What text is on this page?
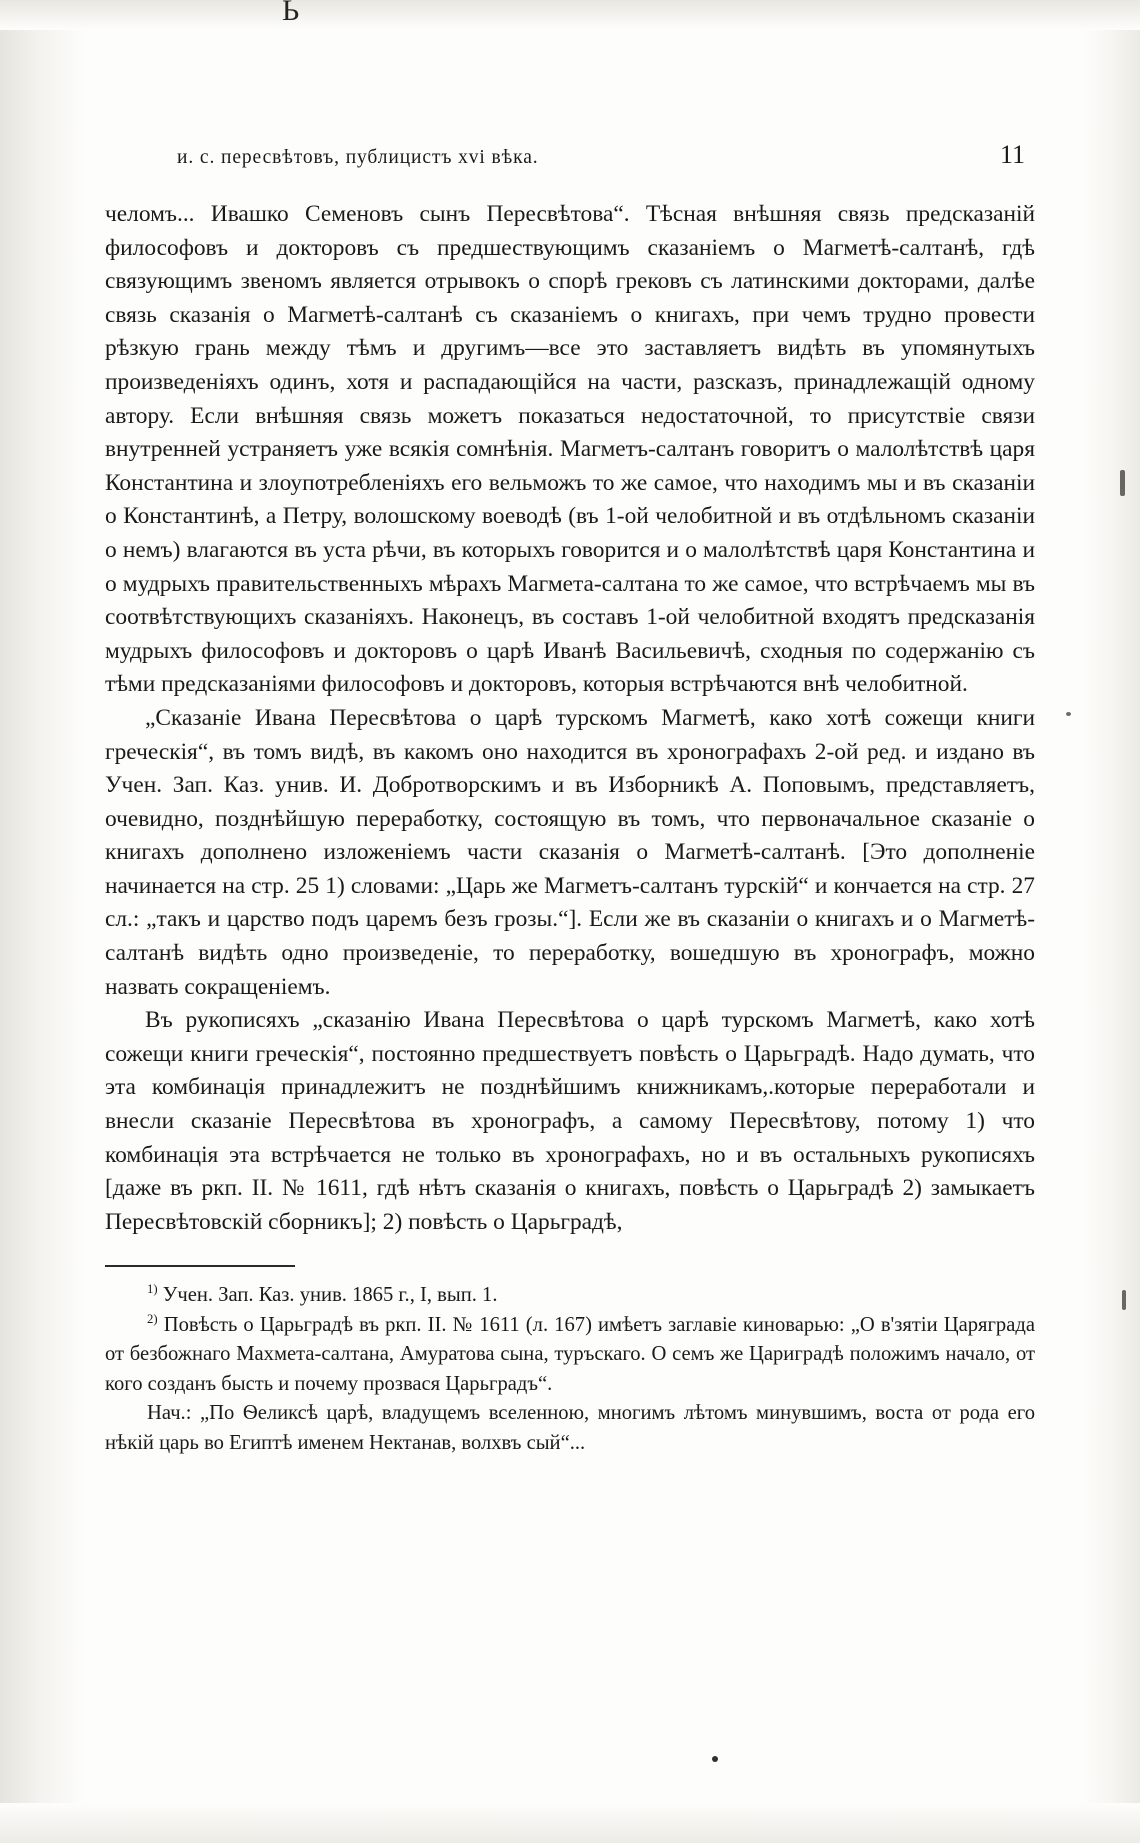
Ь
и. с. пересвѣтовъ, публицистъ хvi вѣка.	11

челомъ... Ивашко Семеновъ сынъ Пересвѣтова“. Тѣсная внѣшняя связь предсказаній философовъ и докторовъ съ предшествующимъ сказаніемъ о Магметѣ-салтанѣ, гдѣ связующимъ звеномъ является отрывокъ о спорѣ грековъ съ латинскими докторами, далѣе связь сказанія о Магметѣ-салтанѣ съ сказаніемъ о книгахъ, при чемъ трудно провести рѣзкую грань между тѣмъ и другимъ—все это заставляетъ видѣть въ упомянутыхъ произведеніяхъ одинъ, хотя и распадающійся на части, разсказъ, принадлежащій одному автору. Если внѣшняя связь можетъ показаться недостаточной, то присутствіе связи внутренней устраняетъ уже всякія сомнѣнія. Магметъ-салтанъ говоритъ о малолѣтствѣ царя Константина и злоупотребленіяхъ его вельможъ то же самое, что находимъ мы и въ сказаніи о Константинѣ, а Петру, волошскому воеводѣ (въ 1-ой челобитной и въ отдѣльномъ сказаніи о немъ) влагаются въ уста рѣчи, въ которыхъ говорится и о малолѣтствѣ царя Константина и о мудрыхъ правительственныхъ мѣрахъ Магмета-салтана то же самое, что встрѣчаемъ мы въ соотвѣтствующихъ сказаніяхъ. Наконецъ, въ составъ 1-ой челобитной входятъ предсказанія мудрыхъ философовъ и докторовъ о царѣ Иванѣ Васильевичѣ, сходныя по содержанію съ тѣми предсказаніями философовъ и докторовъ, которыя встрѣчаются внѣ челобитной.

„Сказаніе Ивана Пересвѣтова о царѣ турскомъ Магметѣ, како хотѣ сожещи книги греческія“, въ томъ видѣ, въ какомъ оно находится въ хронографахъ 2-ой ред. и издано въ Учен. Зап. Каз. унив. И. Добротворскимъ и въ Изборникѣ А. Поповымъ, представляетъ, очевидно, позднѣйшую переработку, состоящую въ томъ, что первоначальное сказаніе о книгахъ дополнено изложеніемъ части сказанія о Магметѣ-салтанѣ. [Это дополненіе начинается на стр. 25 1) словами: „Царь же Магметъ-салтанъ турскій“ и кончается на стр. 27 сл.: „такъ и царство подъ царемъ безъ грозы.“]. Если же въ сказаніи о книгахъ и о Магметѣ-салтанѣ видѣть одно произведеніе, то переработку, вошедшую въ хронографъ, можно назвать сокращеніемъ.

Въ рукописяхъ „сказанію Ивана Пересвѣтова о царѣ турскомъ Магметѣ, како хотѣ сожещи книги греческія“, постоянно предшествуетъ повѣсть о Царьградѣ. Надо думать, что эта комбинація принадлежитъ не позднѣйшимъ книжникамъ,.которые переработали и внесли сказаніе Пересвѣтова въ хронографъ, а самому Пересвѣтову, потому 1) что комбинація эта встрѣчается не только въ хронографахъ, но и въ остальныхъ рукописяхъ [даже въ ркп. II. № 1611, гдѣ нѣтъ сказанія о книгахъ, повѣсть о Царьградѣ 2) замыкаетъ Пересвѣтовскій сборникъ]; 2) повѣсть о Царьградѣ,

$^{1)}$ Учен. Зап. Каз. унив. 1865 г., I, вып. 1.

$^{2)}$ Повѣсть о Царьградѣ въ ркп. II. № 1611 (л. 167) имѣетъ заглавіе киноварью: „О в'зятіи Царяграда от безбожнаго Махмета-салтана, Амуратова сына, туръскаго. О семъ же Цариградѣ положимъ начало, от кого созданъ бысть и почему прозвася Царьградъ“.

Нач.: „По Ѳеликсѣ царѣ, владущемъ вселенною, многимъ лѣтомъ минувшимъ, воста от рода его нѣкій царь во Египтѣ именем Нектанав, волхвъ сый“...
